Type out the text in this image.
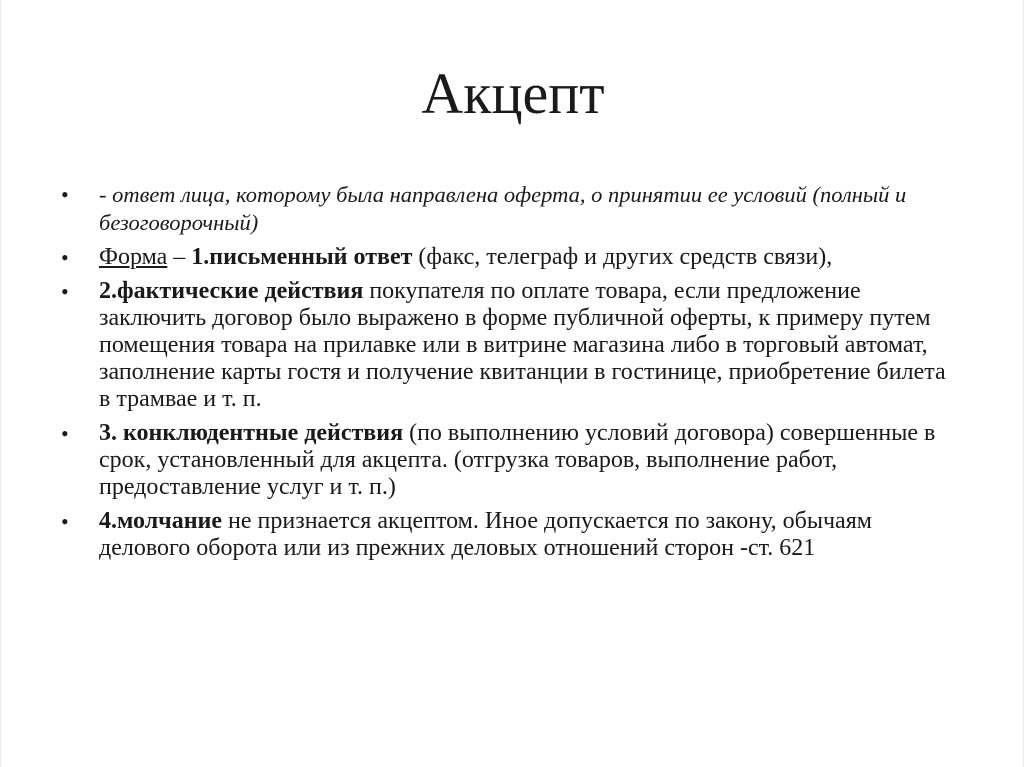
Акцепт
•	- ответ лица, которому была направлена оферта, о принятии ее условий (полный и безоговорочный)
•	Форма – 1.письменный ответ (факс, телеграф и других средств связи),
•	2.фактические действия покупателя по оплате товара, если предложение заключить договор было выражено в форме публичной оферты, к примеру путем помещения товара на прилавке или в витрине магазина либо в торговый автомат, заполнение карты гостя и получение квитанции в гостинице, приобретение билета в трамвае и т. п.
•	3. конклюдентные действия (по выполнению условий договора) совершенные в срок, установленный для акцепта. (отгрузка товаров, выполнение работ, предоставление услуг и т. п.)
•	4.молчание не признается акцептом. Иное допускается по закону, обычаям делового оборота или из прежних деловых отношений сторон -ст. 621
